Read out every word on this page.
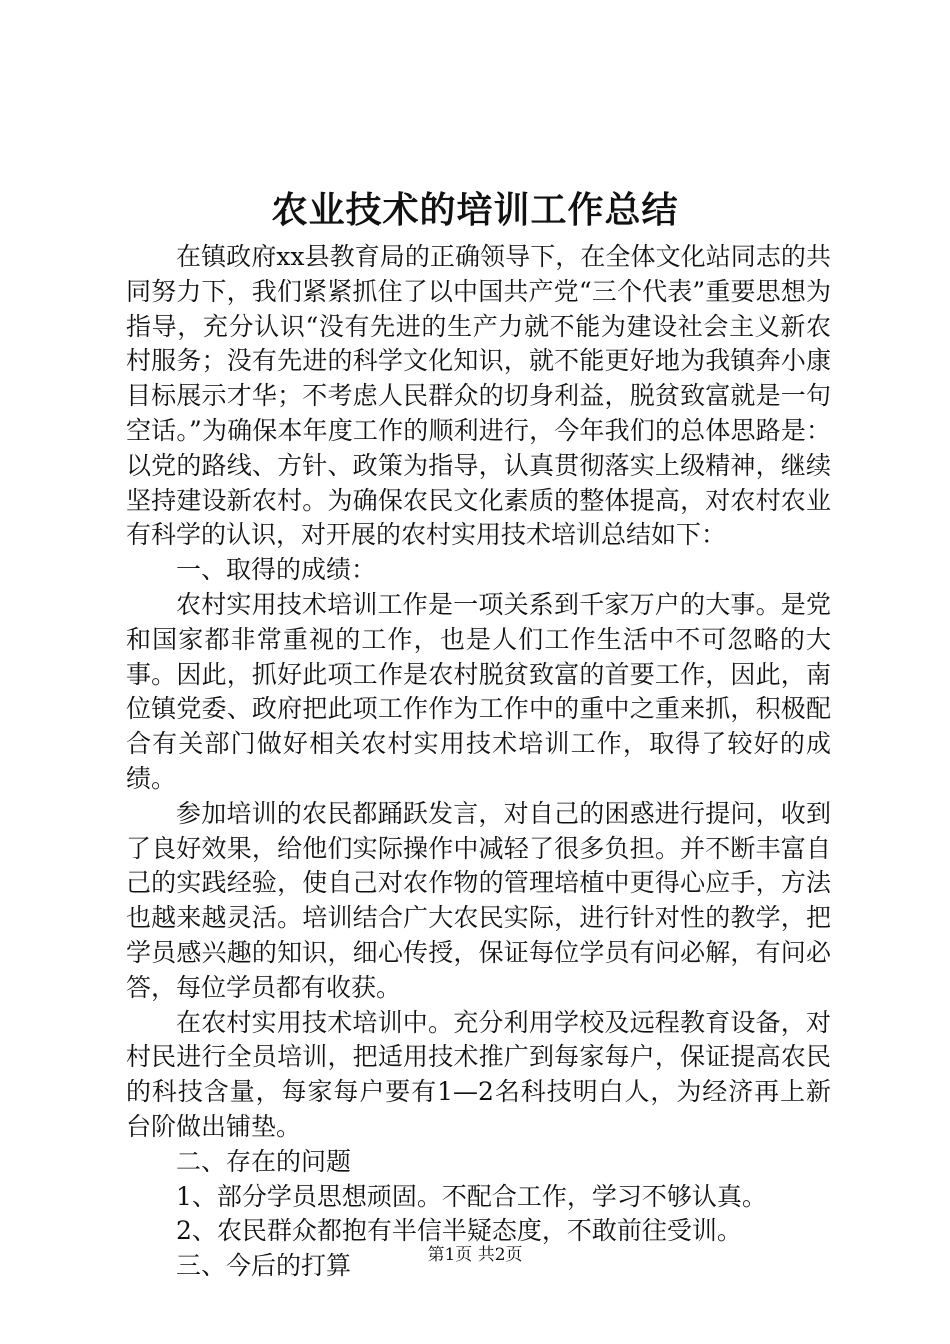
农业技术的培训工作总结

在镇政府xx县教育局的正确领导下，在全体文化站同志的共同努力下，我们紧紧抓住了以中国共产党“三个代表”重要思想为指导，充分认识“没有先进的生产力就不能为建设社会主义新农村服务；没有先进的科学文化知识，就不能更好地为我镇奔小康目标展示才华；不考虑人民群众的切身利益，脱贫致富就是一句空话。”为确保本年度工作的顺利进行，今年我们的总体思路是：以党的路线、方针、政策为指导，认真贯彻落实上级精神，继续坚持建设新农村。为确保农民文化素质的整体提高，对农村农业有科学的认识，对开展的农村实用技术培训总结如下：

一、取得的成绩：

农村实用技术培训工作是一项关系到千家万户的大事。是党和国家都非常重视的工作，也是人们工作生活中不可忽略的大事。因此，抓好此项工作是农村脱贫致富的首要工作，因此，南位镇党委、政府把此项工作作为工作中的重中之重来抓，积极配合有关部门做好相关农村实用技术培训工作，取得了较好的成绩。

参加培训的农民都踊跃发言，对自己的困惑进行提问，收到了良好效果，给他们实际操作中减轻了很多负担。并不断丰富自己的实践经验，使自己对农作物的管理培植中更得心应手，方法也越来越灵活。培训结合广大农民实际，进行针对性的教学，把学员感兴趣的知识，细心传授，保证每位学员有问必解，有问必答，每位学员都有收获。

在农村实用技术培训中。充分利用学校及远程教育设备，对村民进行全员培训，把适用技术推广到每家每户，保证提高农民的科技含量，每家每户要有1—2名科技明白人，为经济再上新台阶做出铺垫。

二、存在的问题

1、部分学员思想顽固。不配合工作，学习不够认真。

2、农民群众都抱有半信半疑态度，不敢前往受训。

三、今后的打算	第1页 共2页
